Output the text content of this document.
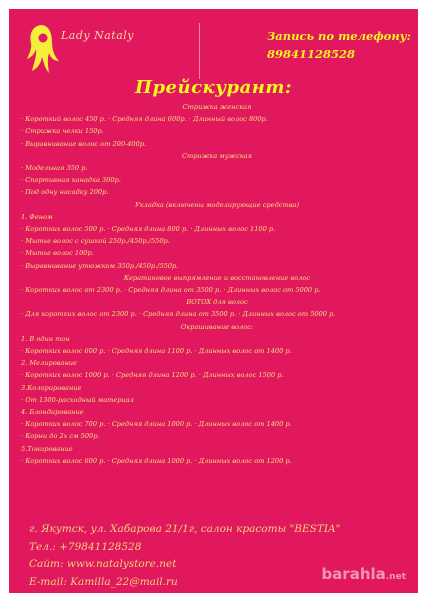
Lady Nataly	Запись по телефону:
89841128528
Прейскурант:
Стрижка женская
· Короткий волос 450 р. · Средняя длина 600р. · Длинный волос 800р.
· Стрижка челки 150р.
· Выравнивание волос от 200-400р.
Стрижка мужская
· Модельная 350 р.
· Спортивная канадка 300р.
· Под одну насадку 200р.
Укладка (включены моделирующие средства)
1. Феном
· Коротких волос 500 р. · Средняя длина 800 р. · Длинных волос 1100 р.
· Мытье волос с сушкой 250р./450р./550р.
· Мытье волос 100р.
· Выравнивание утюжком 350р./450р./550р.
Кератиновое выпрямление и восстановление волос
· Коротких волос от 2300 р. · Средняя длина от 3500 р. · Длинных волос от 5000 р.
BOTOX для волос
· Для коротких волос от 2300 р. · Средняя длина от 3500 р. · Длинных волос от 5000 р.
Окрашивание волос:
1. В один тон
· Коротких волос 600 р. · Средняя длина 1100 р. · Длинных волос от 1400 р.
2. Мелирование
· Коротких волос 1000 р. · Средняя длина 1200 р. · Длинных волос 1500 р.
3.Колорирование
· От 1300-расходный материал
4. Блондирование
· Коротких волос 700 р. · Средняя длина 1000 р. · Длинных волос от 1400 р.
· Корни до 2х см 500р.
5.Тонирование
· Коротких волос 600 р. · Средняя длина 1000 р. · Длинных волос от 1200 р.
г. Якутск, ул. Хабарова 21/1г, салон красоты "BESTIA"
Тел.: +79841128528
Сайт: www.natalystore.net
E-mail: Kamilla_22@mail.ru	barahla.net
